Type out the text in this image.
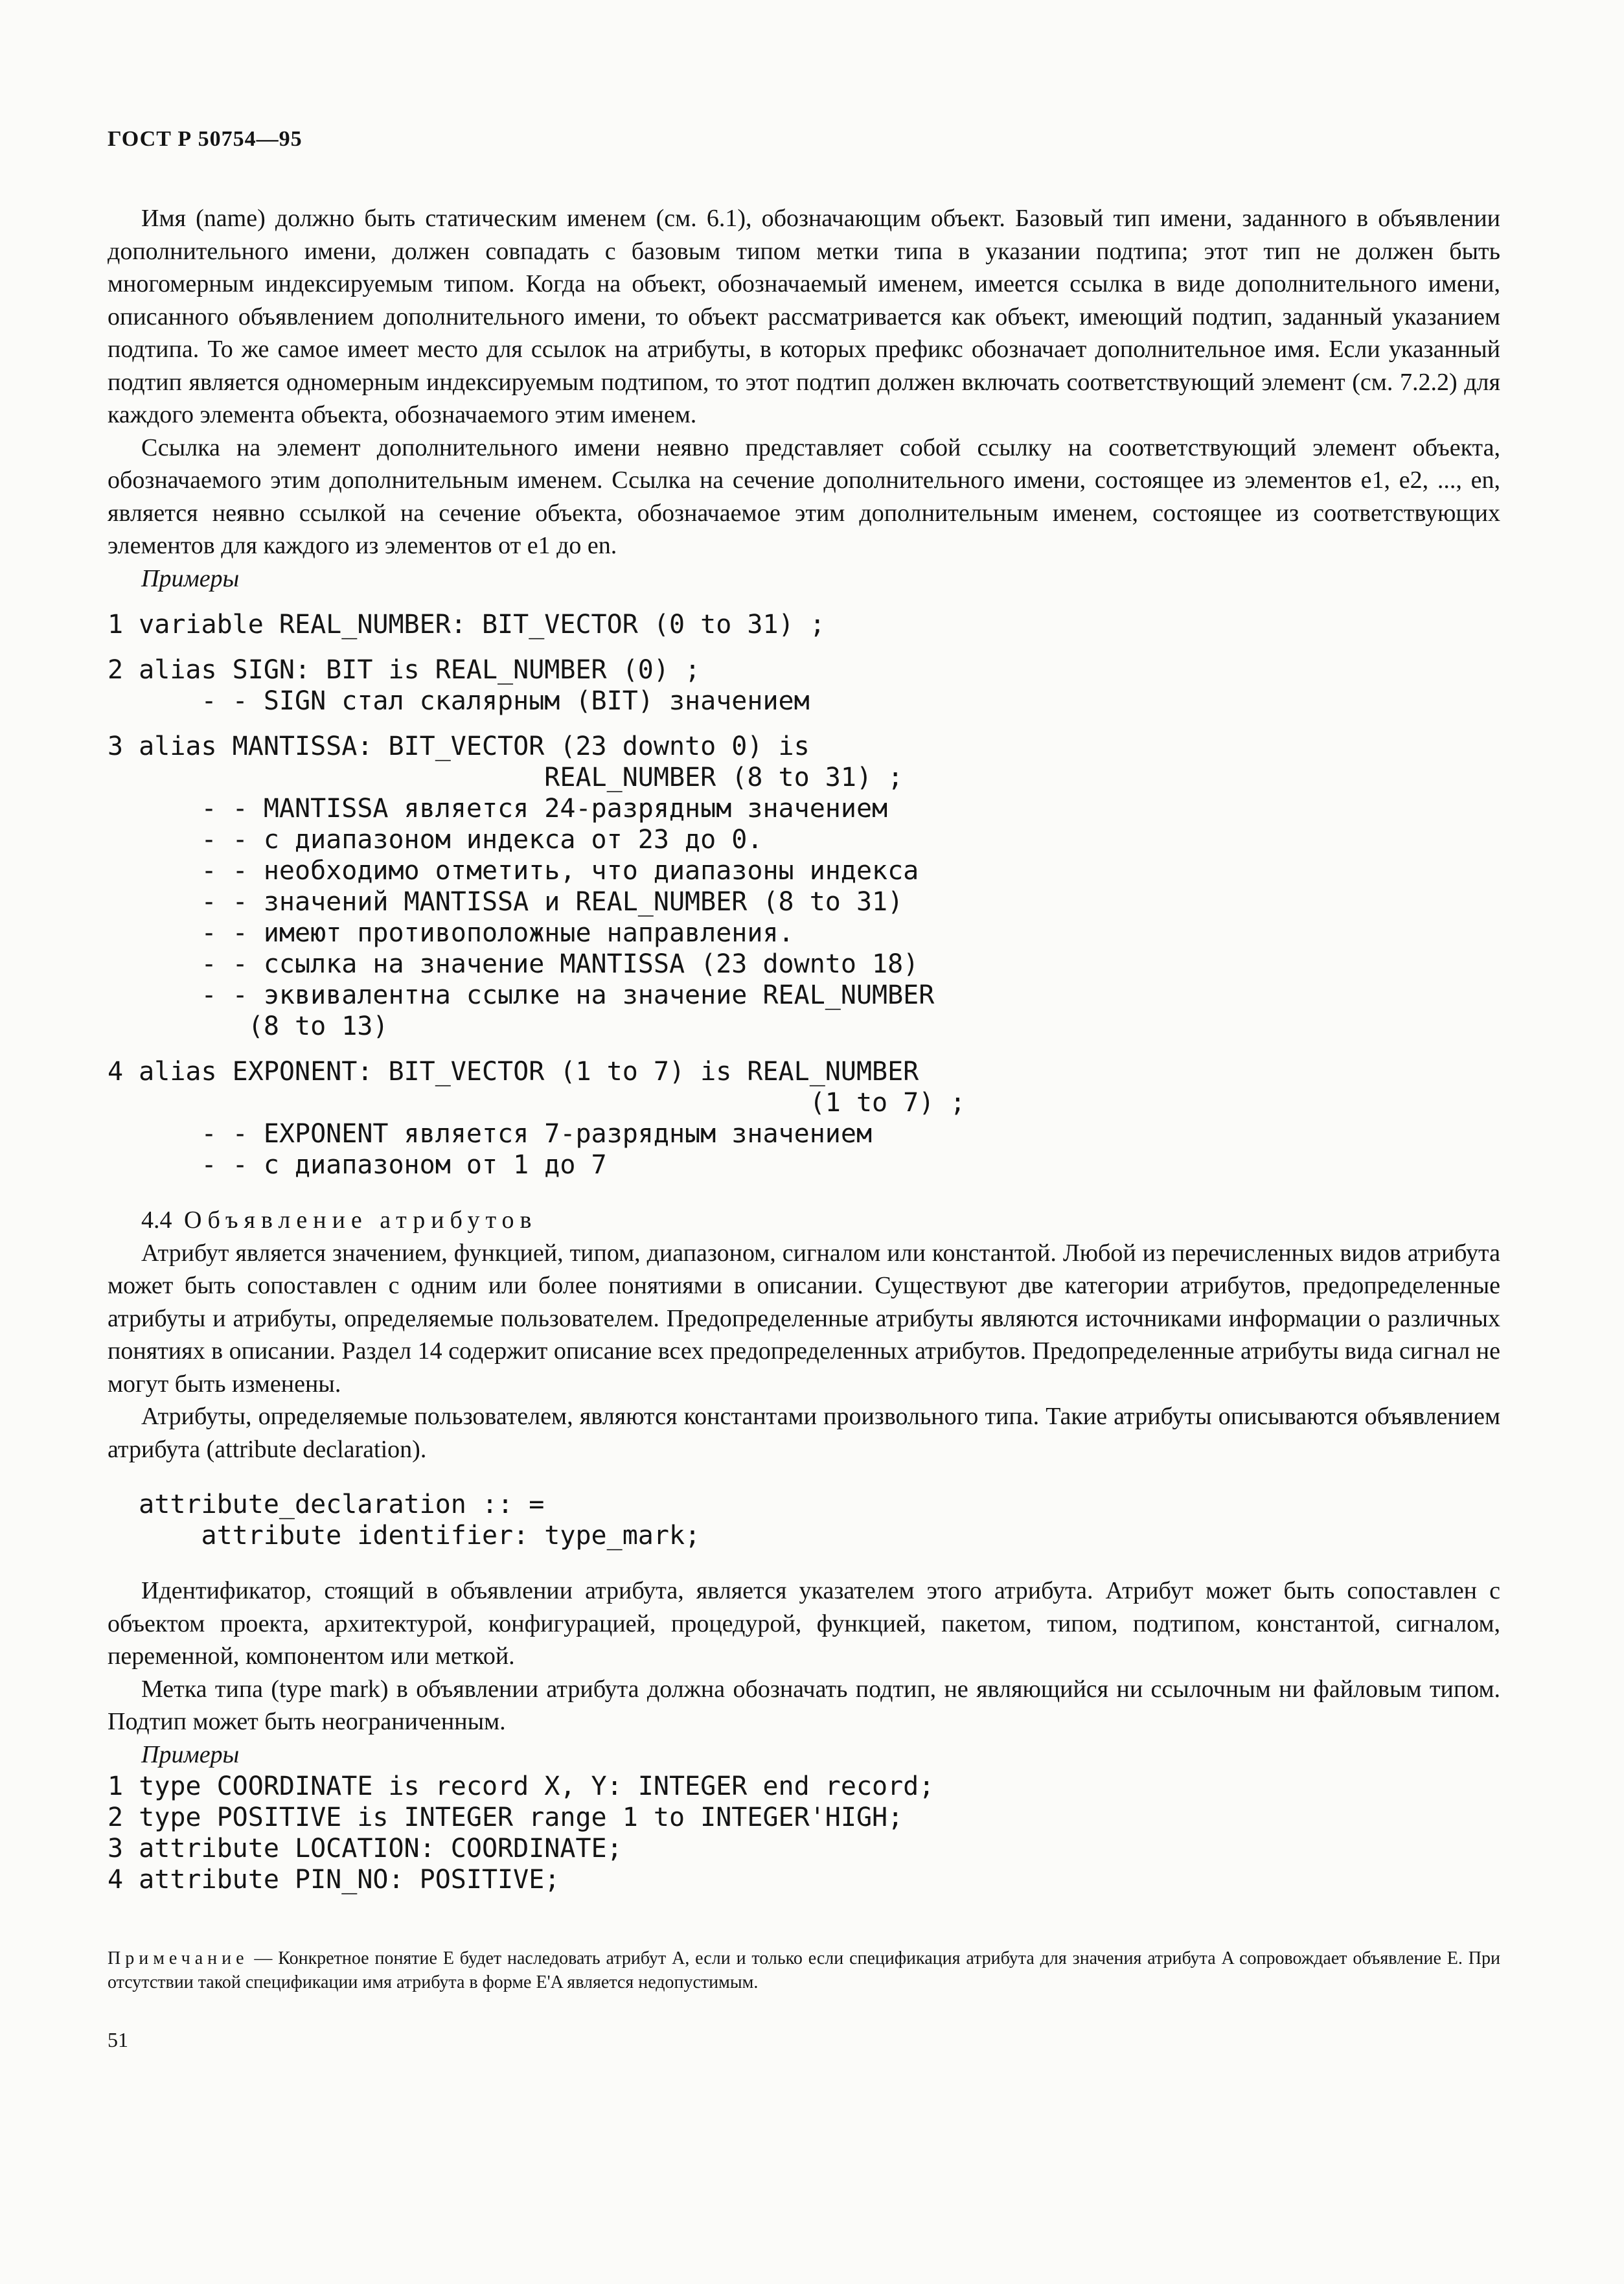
ГОСТ Р 50754—95

Имя (name) должно быть статическим именем (см. 6.1), обозначающим объект. Базовый тип имени, заданного в объявлении дополнительного имени, должен совпадать с базовым типом метки типа в указании подтипа; этот тип не должен быть многомерным индексируемым типом. Когда на объект, обозначаемый именем, имеется ссылка в виде дополнительного имени, описанного объявлением дополнительного имени, то объект рассматривается как объект, имеющий подтип, заданный указанием подтипа. То же самое имеет место для ссылок на атрибуты, в которых префикс обозначает дополнительное имя. Если указанный подтип является одномерным индексируемым подтипом, то этот подтип должен включать соответствующий элемент (см. 7.2.2) для каждого элемента объекта, обозначаемого этим именем.

Ссылка на элемент дополнительного имени неявно представляет собой ссылку на соответствующий элемент объекта, обозначаемого этим дополнительным именем. Ссылка на сечение дополнительного имени, состоящее из элементов e1, e2, ..., en, является неявно ссылкой на сечение объекта, обозначаемое этим дополнительным именем, состоящее из соответствующих элементов для каждого из элементов от e1 до en.

Примеры

1 variable REAL_NUMBER: BIT_VECTOR (0 to 31) ;
2 alias SIGN: BIT is REAL_NUMBER (0) ;
- - SIGN стал скалярным (BIT) значением
3 alias MANTISSA: BIT_VECTOR (23 downto 0) is
REAL_NUMBER (8 to 31) ;
- - MANTISSA является 24-разрядным значением
- - с диапазоном индекса от 23 до 0.
- - необходимо отметить, что диапазоны индекса
- - значений MANTISSA и REAL_NUMBER (8 to 31)
- - имеют противоположные направления.
- - ссылка на значение MANTISSA (23 downto 18)
- - эквивалентна ссылке на значение REAL_NUMBER
(8 to 13)
4 alias EXPONENT: BIT_VECTOR (1 to 7) is REAL_NUMBER
(1 to 7) ;
- - EXPONENT является 7-разрядным значением
- - с диапазоном от 1 до 7

4.4 Объявление атрибутов

Атрибут является значением, функцией, типом, диапазоном, сигналом или константой. Любой из перечисленных видов атрибута может быть сопоставлен с одним или более понятиями в описании. Существуют две категории атрибутов, предопределенные атрибуты и атрибуты, определяемые пользователем. Предопределенные атрибуты являются источниками информации о различных понятиях в описании. Раздел 14 содержит описание всех предопределенных атрибутов. Предопределенные атрибуты вида сигнал не могут быть изменены.

Атрибуты, определяемые пользователем, являются константами произвольного типа. Такие атрибуты описываются объявлением атрибута (attribute declaration).

attribute_declaration :: =
attribute identifier: type_mark;

Идентификатор, стоящий в объявлении атрибута, является указателем этого атрибута. Атрибут может быть сопоставлен с объектом проекта, архитектурой, конфигурацией, процедурой, функцией, пакетом, типом, подтипом, константой, сигналом, переменной, компонентом или меткой.

Метка типа (type mark) в объявлении атрибута должна обозначать подтип, не являющийся ни ссылочным ни файловым типом. Подтип может быть неограниченным.

Примеры

1 type COORDINATE is record X, Y: INTEGER end record;
2 type POSITIVE is INTEGER range 1 to INTEGER'HIGH;
3 attribute LOCATION: COORDINATE;
4 attribute PIN_NO: POSITIVE;
Примечание — Конкретное понятие E будет наследовать атрибут A, если и только если спецификация атрибута для значения атрибута A сопровождает объявление E. При отсутствии такой спецификации имя атрибута в форме E'A является недопустимым.
51
